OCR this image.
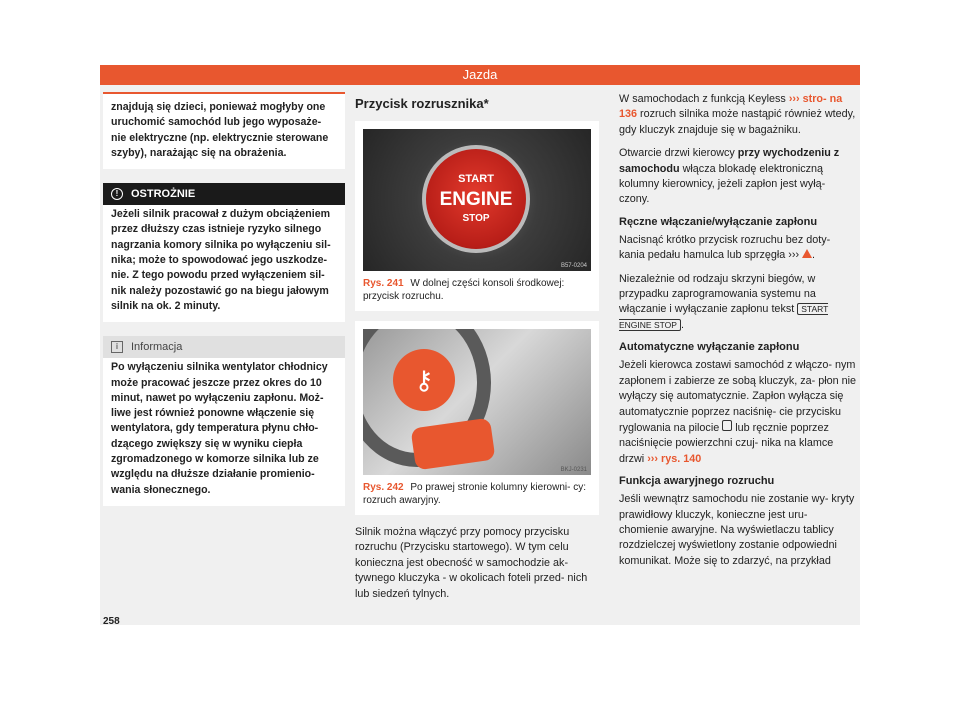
Jazda
znajdują się dzieci, ponieważ mogłyby one uruchomić samochód lub jego wyposaże- nie elektryczne (np. elektrycznie sterowane szyby), narażając się na obrażenia.
!	OSTROŻNIE
Jeżeli silnik pracował z dużym obciążeniem przez dłuższy czas istnieje ryzyko silnego nagrzania komory silnika po wyłączeniu sil- nika; może to spowodować jego uszkodze- nie. Z tego powodu przed wyłączeniem sil- nik należy pozostawić go na biegu jałowym silnik na ok. 2 minuty.
i	Informacja
Po wyłączeniu silnika wentylator chłodnicy może pracować jeszcze przez okres do 10 minut, nawet po wyłączeniu zapłonu. Moż- liwe jest również ponowne włączenie się wentylatora, gdy temperatura płynu chło- dzącego zwiększy się w wyniku ciepła zgromadzonego w komorze silnika lub ze względu na dłuższe działanie promienio- wania słonecznego.
Przycisk rozrusznika*
START
ENGINE
STOP
B57-0204
Rys. 241 W dolnej części konsoli środkowej: przycisk rozruchu.
⚷
BKJ-0231
Rys. 242 Po prawej stronie kolumny kierowni- cy: rozruch awaryjny.

Silnik można włączyć przy pomocy przycisku rozruchu (Przycisku startowego). W tym celu konieczna jest obecność w samochodzie ak- tywnego kluczyka - w okolicach foteli przed- nich lub siedzeń tylnych.

W samochodach z funkcją Keyless ››› stro- na 136 rozruch silnika może nastąpić również wtedy, gdy kluczyk znajduje się w bagażniku.

Otwarcie drzwi kierowcy przy wychodzeniu z samochodu włącza blokadę elektroniczną kolumny kierownicy, jeżeli zapłon jest wyłą- czony.

Ręczne włączanie/wyłączanie zapłonu

Nacisnąć krótko przycisk rozruchu bez doty- kania pedału hamulca lub sprzęgła ››› .

Niezależnie od rodzaju skrzyni biegów, w przypadku zaprogramowania systemu na włączanie i wyłączanie zapłonu tekst START ENGINE STOP .

Automatyczne wyłączanie zapłonu

Jeżeli kierowca zostawi samochód z włączo- nym zapłonem i zabierze ze sobą kluczyk, za- płon nie wyłączy się automatycznie. Zapłon wyłącza się automatycznie poprzez naciśnię- cie przycisku ryglowania na pilocie  lub ręcznie poprzez naciśnięcie powierzchni czuj- nika na klamce drzwi ››› rys. 140

Funkcja awaryjnego rozruchu

Jeśli wewnątrz samochodu nie zostanie wy- kryty prawidłowy kluczyk, konieczne jest uru- chomienie awaryjne. Na wyświetlaczu tablicy rozdzielczej wyświetlony zostanie odpowiedni komunikat. Może się to zdarzyć, na przykład

258
